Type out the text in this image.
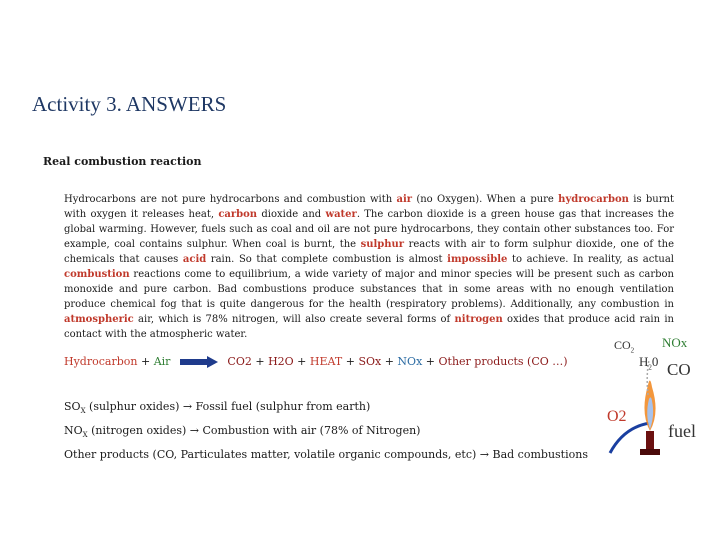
Activity 3. ANSWERS
Real combustion reaction
Hydrocarbons are not pure hydrocarbons and combustion with air (no Oxygen). When a pure hydrocarbon is burnt with oxygen it releases heat, carbon dioxide and water. The carbon dioxide is a green house gas that increases the global warming. However, fuels such as coal and oil are not pure hydrocarbons, they contain other substances too. For example, coal contains sulphur. When coal is burnt, the sulphur reacts with air to form sulphur dioxide, one of the chemicals that causes acid rain. So that complete combustion is almost impossible to achieve. In reality, as actual combustion reactions come to equilibrium, a wide variety of major and minor species will be present such as carbon monoxide and pure carbon. Bad combustions produce substances that in some areas with no enough ventilation produce chemical fog that is quite dangerous for the health (respiratory problems). Additionally, any combustion in atmospheric air, which is 78% nitrogen, will also create several forms of nitrogen oxides that produce acid rain in contact with the atmospheric water.
Hydrocarbon + Air → CO2 + H2O + HEAT + SOx + NOx + Other products (CO …)
$SO_X$ (sulphur oxides) → Fossil fuel (sulphur from earth)
$NO_X$ (nitrogen oxides) → Combustion with air (78% of Nitrogen)
Other products (CO, Particulates matter, volatile organic compounds, etc) → Bad combustions
$CO_2$
NOx
$H_20$ CO
O2
fuel
